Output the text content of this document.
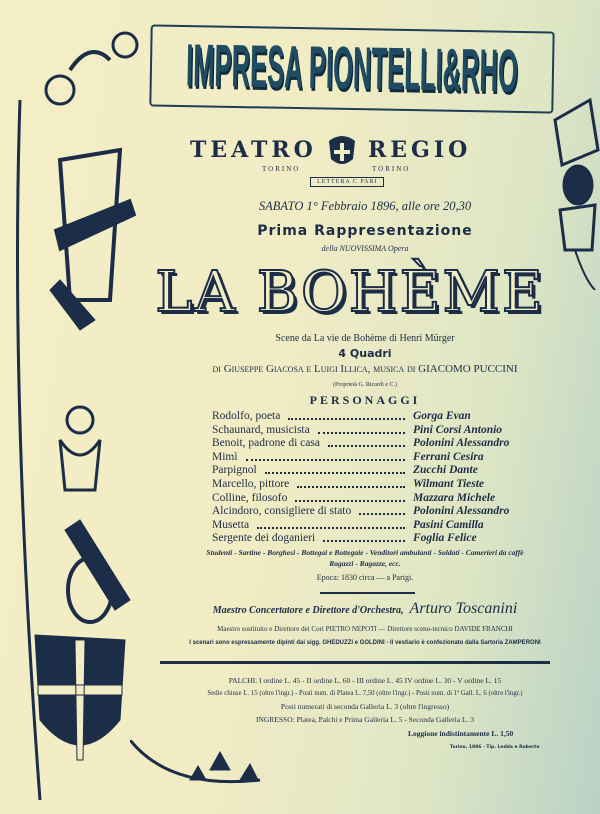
IMPRESA PIONTELLI&RHO
TEATRO REGIO
TORINO	TORINO
LETTERA C PARI
SABATO 1° Febbraio 1896, alle ore 20,30
Prima Rappresentazione
della NUOVISSIMA Opera
LA BOHÈME
Scene da La vie de Bohème di Henri Mürger
4 Quadri
di Giuseppe Giacosa e Luigi Illica, musica di GIACOMO PUCCINI
(Proprietà G. Ricordi e C.)
PERSONAGGI
Rodolfo, poeta	Gorga Evan
Schaunard, musicista	Pini Corsi Antonio
Benoit, padrone di casa	Polonini Alessandro
Mimì	Ferrani Cesira
Parpignol	Zucchi Dante
Marcello, pittore	Wilmant Tieste
Colline, filosofo	Mazzara Michele
Alcindoro, consigliere di stato	Polonini Alessandro
Musetta	Pasini Camilla
Sergente dei doganieri	Foglia Felice
Studenti - Sartine - Borghesi - Bottegai e Bottegaie - Venditori ambulanti - Soldati - Camerieri da caffè
Ragazzi - Ragazze, ecc.
Epoca: 1830 circa — a Parigi.
Maestro Concertatore e Direttore d'Orchestra, Arturo Toscanini
Maestro sostituito e Direttore dei Cori PIETRO NEPOTI — Direttore sceno-tecnico DAVIDE FRANCHI
I scenari sono espressamente dipinti dai sigg. GHEDUZZI e GOLDINI - Il vestiario è confezionato dalla Sartoria ZAMPERONI
PALCHI: I ordine L. 45 - II ordine L. 60 - III ordine L. 45 IV ordine L. 30 - V ordine L. 15
Sedie chiuse L. 15 (oltre l'ingr.) - Posti num. di Platea L. 7,50 (oltre l'ingr.) - Posti num. di 1ª Gall. L. 6 (oltre l'ingr.)
Posti numerati di seconda Galleria L. 3 (oltre l'ingresso)
INGRESSO: Platea, Palchi e Prima Galleria L. 5 - Seconda Galleria L. 3
Loggione indistintamente L. 1,50
Torino, 1896 - Tip. Ledda e Roberto
